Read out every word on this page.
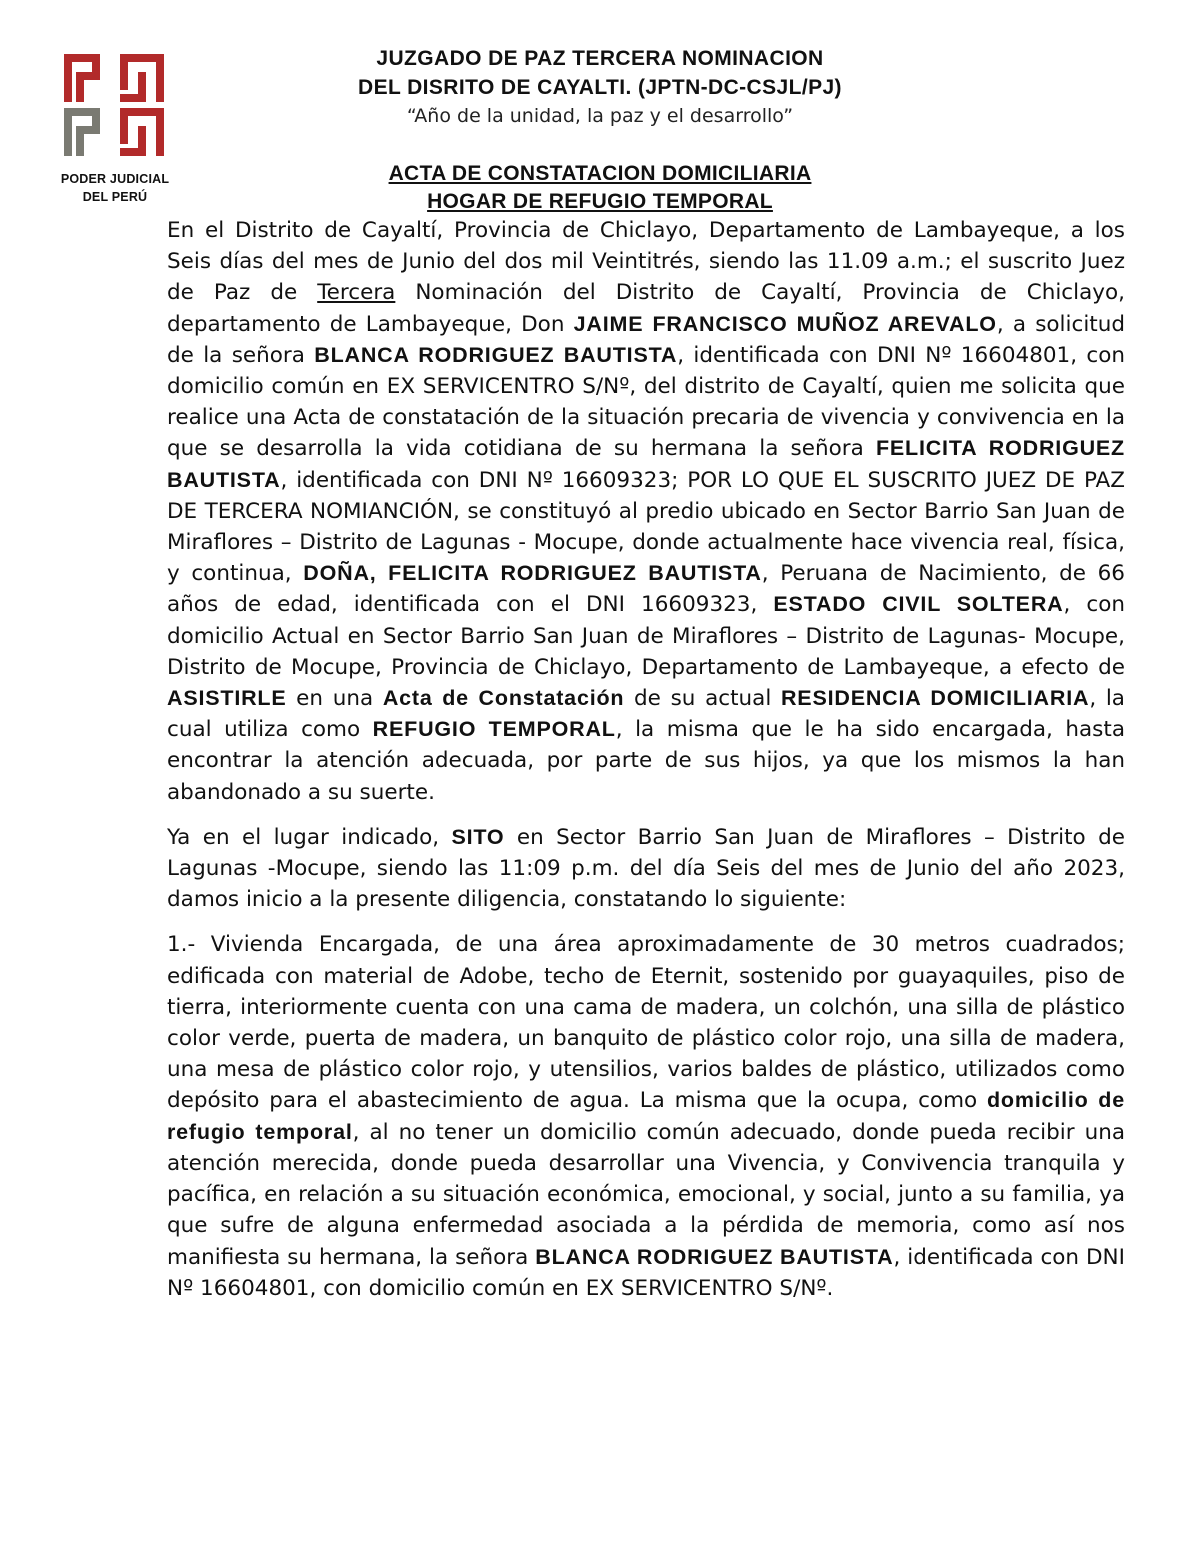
PODER JUDICIAL
DEL PERÚ
JUZGADO DE PAZ TERCERA NOMINACION
DEL DISRITO DE CAYALTI. (JPTN-DC-CSJL/PJ)
“Año de la unidad, la paz y el desarrollo”
ACTA DE CONSTATACION DOMICILIARIA
HOGAR DE REFUGIO TEMPORAL

En el Distrito de Cayaltí, Provincia de Chiclayo, Departamento de Lambayeque, a los Seis días del mes de Junio del dos mil Veintitrés, siendo las 11.09 a.m.; el suscrito Juez de Paz de Tercera Nominación del Distrito de Cayaltí, Provincia de Chiclayo, departamento de Lambayeque, Don JAIME FRANCISCO MUÑOZ AREVALO, a solicitud de la señora BLANCA RODRIGUEZ BAUTISTA, identificada con DNI Nº 16604801, con domicilio común en EX SERVICENTRO S/Nº, del distrito de Cayaltí, quien me solicita que realice una Acta de constatación de la situación precaria de vivencia y convivencia en la que se desarrolla la vida cotidiana de su hermana la señora FELICITA RODRIGUEZ BAUTISTA, identificada con DNI Nº 16609323; POR LO QUE EL SUSCRITO JUEZ DE PAZ DE TERCERA NOMIANCIÓN, se constituyó al predio ubicado en Sector Barrio San Juan de Miraflores – Distrito de Lagunas - Mocupe, donde actualmente hace vivencia real, física, y continua, DOÑA, FELICITA RODRIGUEZ BAUTISTA, Peruana de Nacimiento, de 66 años de edad, identificada con el DNI 16609323, ESTADO CIVIL SOLTERA, con domicilio Actual en Sector Barrio San Juan de Miraflores – Distrito de Lagunas- Mocupe, Distrito de Mocupe, Provincia de Chiclayo, Departamento de Lambayeque, a efecto de ASISTIRLE en una Acta de Constatación de su actual RESIDENCIA DOMICILIARIA, la cual utiliza como REFUGIO TEMPORAL, la misma que le ha sido encargada, hasta encontrar la atención adecuada, por parte de sus hijos, ya que los mismos la han abandonado a su suerte.

Ya en el lugar indicado, SITO en Sector Barrio San Juan de Miraflores – Distrito de Lagunas -Mocupe, siendo las 11:09 p.m. del día Seis del mes de Junio del año 2023, damos inicio a la presente diligencia, constatando lo siguiente:

1.- Vivienda Encargada, de una área aproximadamente de 30 metros cuadrados; edificada con material de Adobe, techo de Eternit, sostenido por guayaquiles, piso de tierra, interiormente cuenta con una cama de madera, un colchón, una silla de plástico color verde, puerta de madera, un banquito de plástico color rojo, una silla de madera, una mesa de plástico color rojo, y utensilios, varios baldes de plástico, utilizados como depósito para el abastecimiento de agua. La misma que la ocupa, como domicilio de refugio temporal, al no tener un domicilio común adecuado, donde pueda recibir una atención merecida, donde pueda desarrollar una Vivencia, y Convivencia tranquila y pacífica, en relación a su situación económica, emocional, y social, junto a su familia, ya que sufre de alguna enfermedad asociada a la pérdida de memoria, como así nos manifiesta su hermana, la señora BLANCA RODRIGUEZ BAUTISTA, identificada con DNI Nº 16604801, con domicilio común en EX SERVICENTRO S/Nº.
